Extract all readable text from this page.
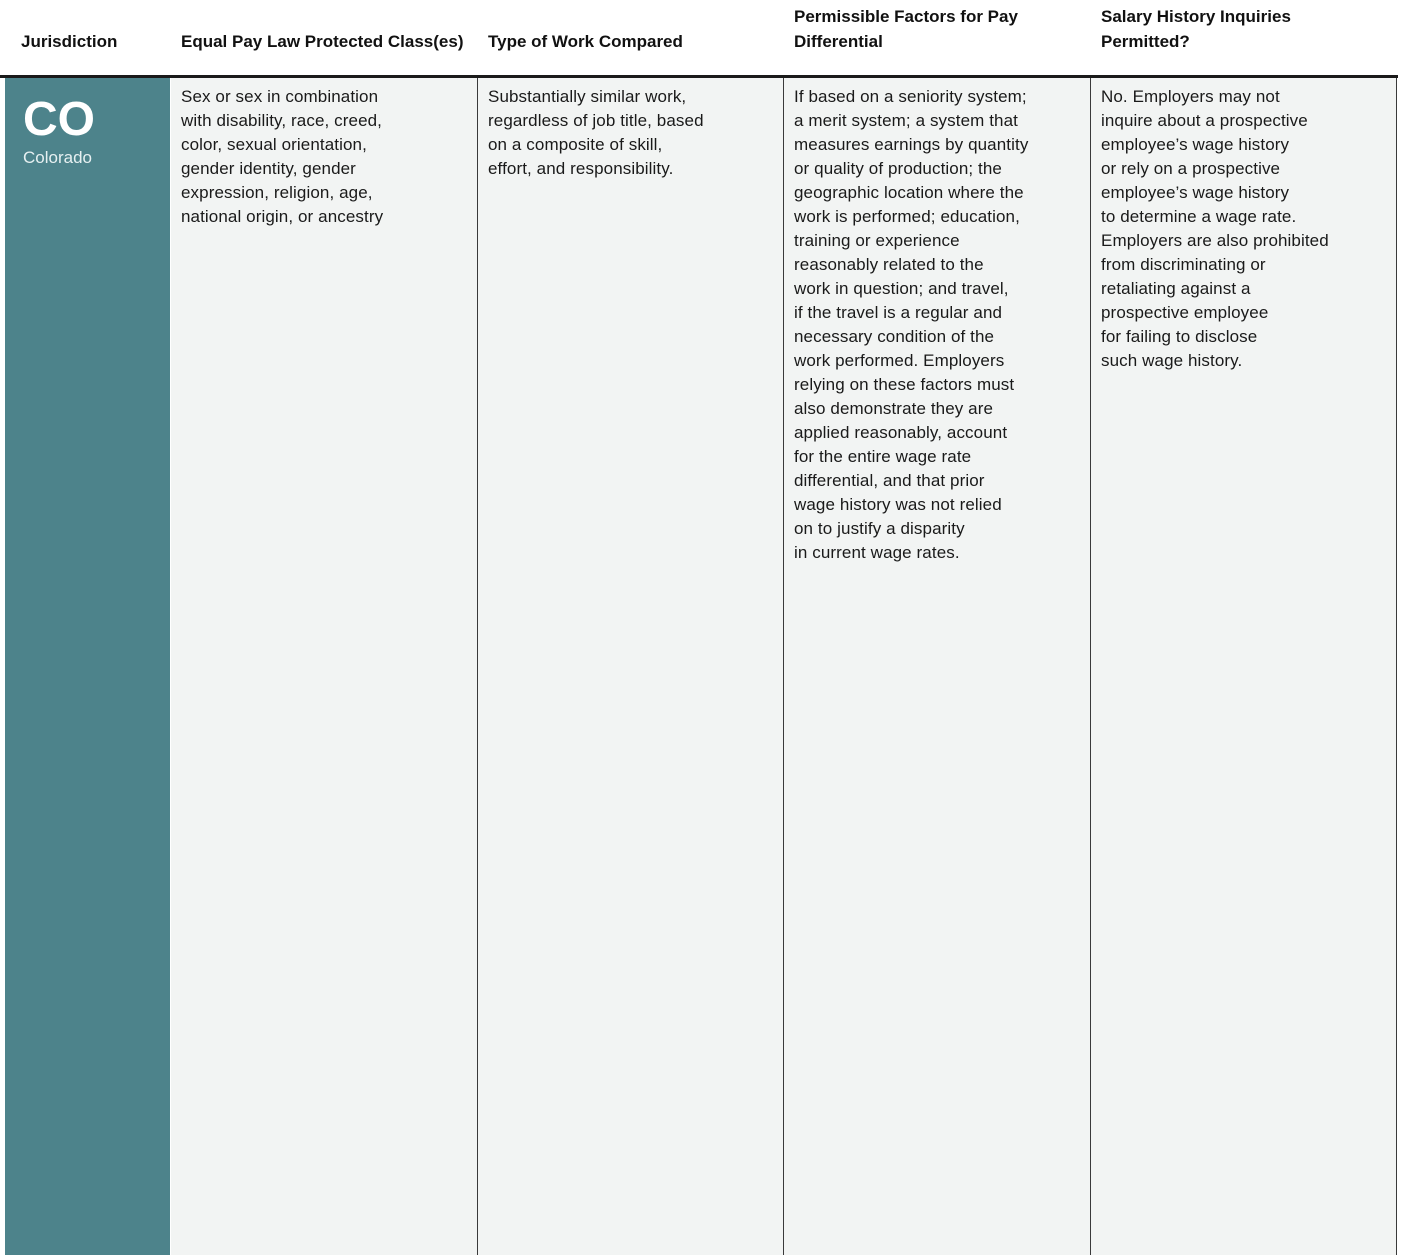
Jurisdiction	Equal Pay Law Protected Class(es) Type of Work Compared
Permissible Factors for Pay
Differential
Salary History Inquiries
Permitted?
CO
Colorado
Sex or sex in combination
with disability, race, creed,
color, sexual orientation,
gender identity, gender
expression, religion, age,
national origin, or ancestry
Substantially similar work,
regardless of job title, based
on a composite of skill,
effort, and responsibility.
If based on a seniority system;
a merit system; a system that
measures earnings by quantity
or quality of production; the
geographic location where the
work is performed; education,
training or experience
reasonably related to the
work in question; and travel,
if the travel is a regular and
necessary condition of the
work performed. Employers
relying on these factors must
also demonstrate they are
applied reasonably, account
for the entire wage rate
differential, and that prior
wage history was not relied
on to justify a disparity
in current wage rates.
No. Employers may not
inquire about a prospective
employee’s wage history
or rely on a prospective
employee’s wage history
to determine a wage rate.
Employers are also prohibited
from discriminating or
retaliating against a
prospective employee
for failing to disclose
such wage history.
